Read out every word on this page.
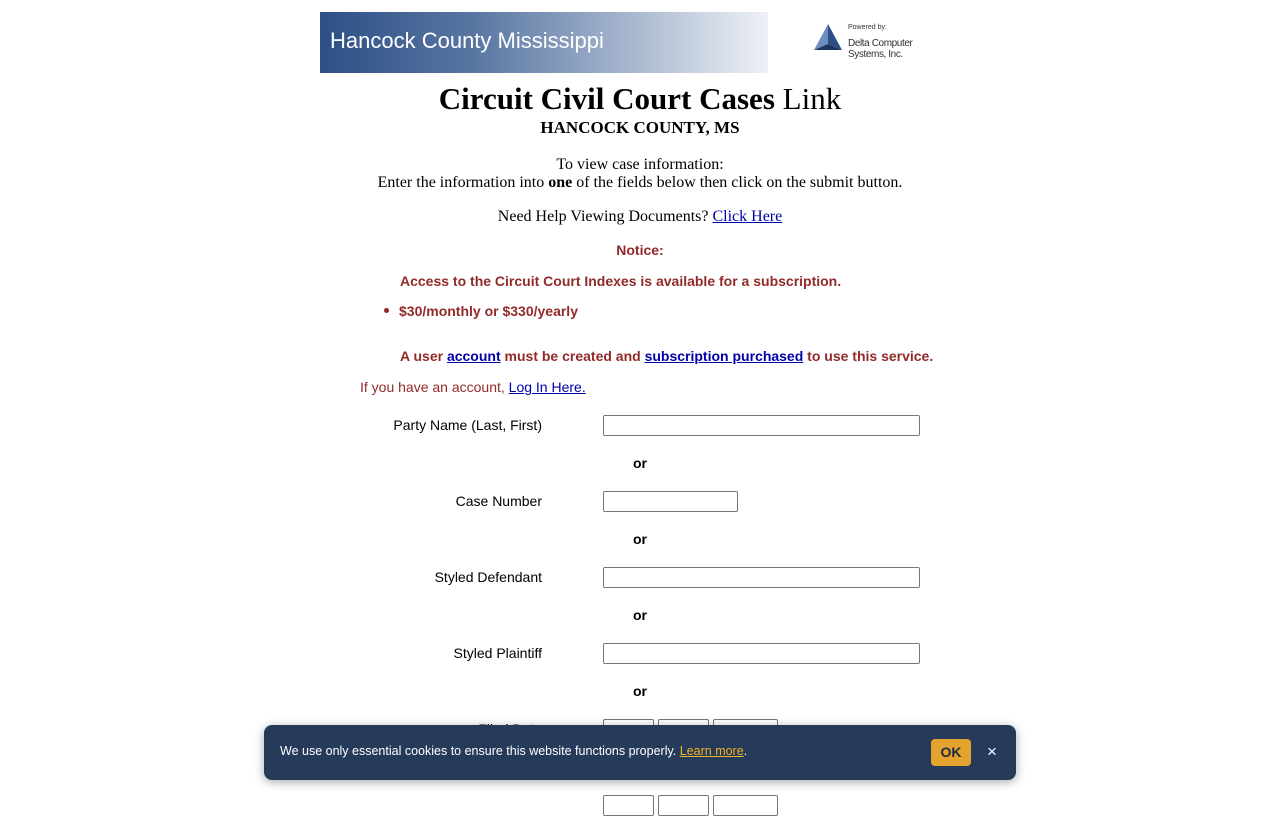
Hancock County Mississippi
Powered by:
Delta Computer Systems, Inc.
Circuit Civil Court Cases Link
HANCOCK COUNTY, MS
To view case information:
Enter the information into one of the fields below then click on the submit button.
Need Help Viewing Documents? Click Here
Notice:
Access to the Circuit Court Indexes is available for a subscription.
$30/monthly or $330/yearly
A user account must be created and subscription purchased to use this service.
If you have an account, Log In Here.
Party Name (Last, First)
or
Case Number
or
Styled Defendant
or
Styled Plaintiff
or
We use only essential cookies to ensure this website functions properly. Learn more.	OK	×
